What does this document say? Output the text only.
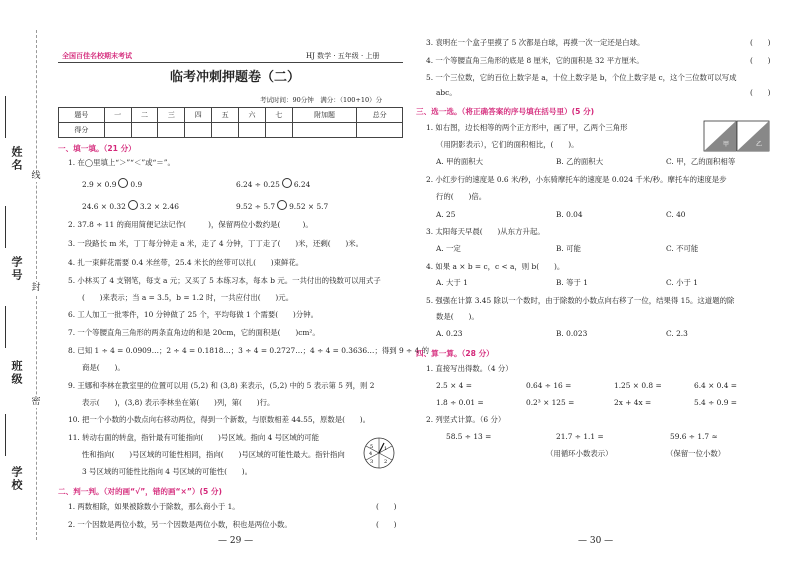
姓名
学号
班级
学校
线
封
密
全国百佳名校期末考试	HJ 数学 · 五年级 · 上册
临考冲刺押题卷（二）
考试时间：90分钟　满分：（100+10）分
题号	一	二	三	四	五	六	七	附加题	总分
得分									
一、填一填。（21 分）
1. 在◯里填上“＞”“＜”或“＝”。
2.9 × 0.9 0.9	6.24 ÷ 0.25 6.24
24.6 × 0.32 3.2 × 2.46	9.52 ÷ 5.7 9.52 × 5.7
2. 37.8 ÷ 11 的商用简便记法记作(　　　)，保留两位小数约是(　　　)。
3. 一段路长 m 米，丁丁每分钟走 a 米，走了 4 分钟，丁丁走了(　　)米，还剩(　　)米。
4. 扎一束鲜花需要 0.4 米丝带，25.4 米长的丝带可以扎(　　)束鲜花。
5. 小林买了 4 支钢笔，每支 a 元；又买了 5 本练习本，每本 b 元。一共付出的钱数可以用式子
(　　)来表示；当 a = 3.5，b = 1.2 时，一共应付出(　　)元。
6. 工人加工一批零件，10 分钟做了 25 个，平均每做 1 个需要(　　)分钟。
7. 一个等腰直角三角形的两条直角边的和是 20cm，它的面积是(　　)cm²。
8. 已知 1 ÷ 4 = 0.0909…；2 ÷ 4 = 0.1818…；3 ÷ 4 = 0.2727…；4 ÷ 4 = 0.3636…；得到 9 ÷ 4 的
商是(　　)。
9. 王娜和李林在教室里的位置可以用 (5,2) 和 (3,8) 来表示，(5,2) 中的 5 表示第 5 列，则 2
表示(　　)，(3,8) 表示李林坐在第(　　)列，第(　　)行。
10. 把一个小数的小数点向右移动两位，得到一个新数，与原数相差 44.55，原数是(　　)。
11. 转动右面的转盘，指针最有可能指向(　　)号区域。指向 4 号区域的可能
性和指向(　　)号区域的可能性相同，指向(　　)号区域的可能性最大。指针指向
3 号区域的可能性比指向 4 号区域的可能性(　　)。
1
2
3
4
5
二、判一判。（对的画“√”，错的画“×”）(5 分)
1. 两数相除，如果被除数小于除数，那么商小于 1。	(　　)
2. 一个因数是两位小数，另一个因数是两位小数，积也是两位小数。	(　　)
— 29 —
3. 袁明在一个盒子里摸了 5 次都是白球，再摸一次一定还是白球。	(　　)
4. 一个等腰直角三角形的底是 8 厘米，它的面积是 32 平方厘米。	(　　)
5. 一个三位数，它的百位上数字是 a，十位上数字是 b，个位上数字是 c，这个三位数可以写成
abc。	(　　)
三、选一选。（将正确答案的序号填在括号里）(5 分)
1. 如右图，边长相等的两个正方形中，画了甲，乙两个三角形
（用阴影表示），它们的面积相比，(　　)。	甲	乙
A. 甲的面积大	B. 乙的面积大	C. 甲，乙的面积相等
2. 小红步行的速度是 0.6 米/秒，小东骑摩托车的速度是 0.024 千米/秒。摩托车的速度是步
行的(　　)倍。
A. 25	B. 0.04	C. 40
3. 太阳每天早晨(　　)从东方升起。
A. 一定	B. 可能	C. 不可能
4. 如果 a × b = c，c < a，则 b(　　)。
A. 大于 1	B. 等于 1	C. 小于 1
5. 强强在计算 3.45 除以一个数时，由于除数的小数点向右移了一位，结果得 15。这道题的除
数是(　　)。
A. 0.23	B. 0.023	C. 2.3
四、算一算。（28 分）
1. 直接写出得数。（4 分）
2.5 × 4 =	0.64 ÷ 16 =	1.25 × 0.8 =	6.4 × 0.4 =
1.8 ÷ 0.01 =	0.2³ × 125 =	2x + 4x =	5.4 ÷ 0.9 =
2. 列竖式计算。（6 分）
58.5 ÷ 13 =	21.7 ÷ 1.1 =	59.6 ÷ 1.7 ≈
（用循环小数表示）	（保留一位小数）
— 30 —
